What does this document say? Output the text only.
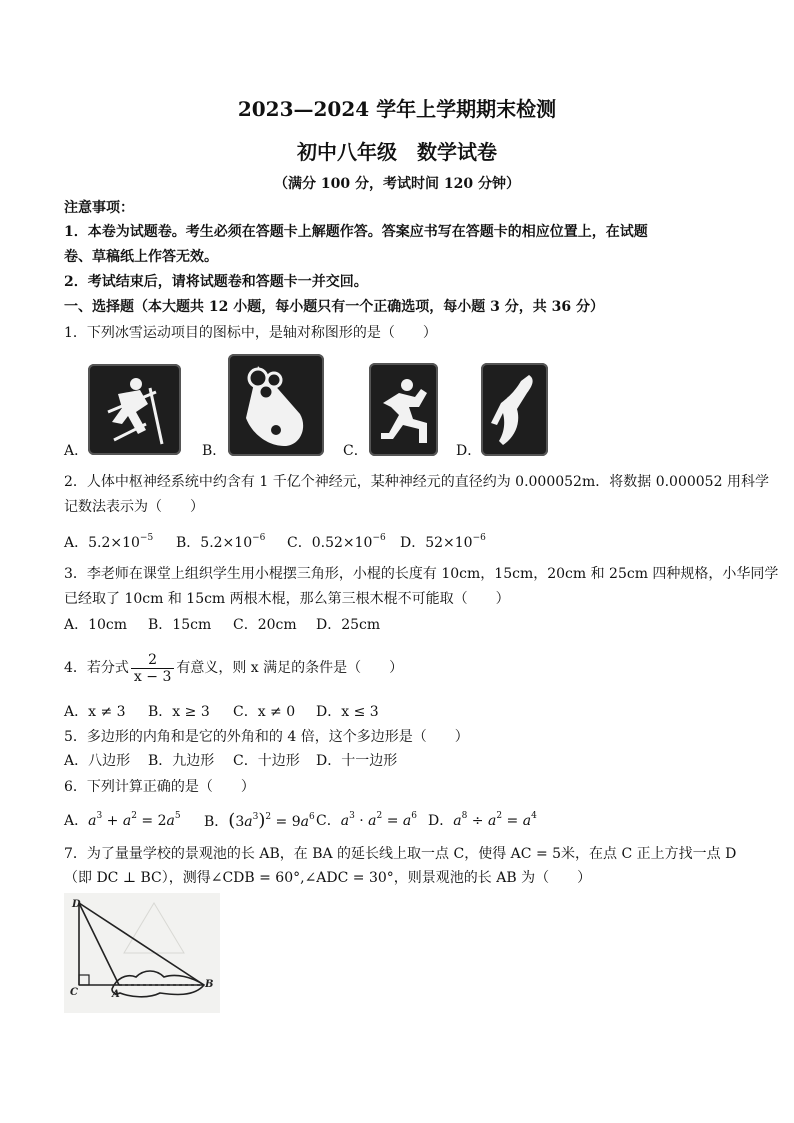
2023—2024 学年上学期期末检测
初中八年级　数学试卷
（满分 100 分，考试时间 120 分钟）
注意事项：
1．本卷为试题卷。考生必须在答题卡上解题作答。答案应书写在答题卡的相应位置上，在试题
卷、草稿纸上作答无效。
2．考试结束后，请将试题卷和答题卡一并交回。
一、选择题（本大题共 12 小题，每小题只有一个正确选项，每小题 3 分，共 36 分）
1．下列冰雪运动项目的图标中，是轴对称图形的是（　　）
A．	B．	C．	D．
2．人体中枢神经系统中约含有 1 千亿个神经元，某种神经元的直径约为 0.000052m．将数据 0.000052 用科学
记数法表示为（　　）
A．$5.2\times 10^{-5}$ B．$5.2\times 10^{-6}$ C．$0.52\times 10^{-6}$ D．$52\times 10^{-6}$
3．李老师在课堂上组织学生用小棍摆三角形，小棍的长度有 10cm，15cm，20cm 和 25cm 四种规格，小华同学
已经取了 10cm 和 15cm 两根木棍，那么第三根木棍不可能取（　　）
A．10cm B．15cm C．20cm D．25cm
4．若分式 $\frac{2}{x - 3}$ 有意义，则 x 满足的条件是（　　）
A．x ≠ 3 B．x ≥ 3 C．x ≠ 0 D．x ≤ 3
5．多边形的内角和是它的外角和的 4 倍，这个多边形是（　　）
A．八边形 B．九边形 C．十边形 D．十一边形
6．下列计算正确的是（　　）
A．$a^3 + a^2 = 2a^5$ B．$(3a^3)^2 = 9a^6$ C．$a^3 \cdot a^2 = a^6$ D．$a^8 \div a^2 = a^4$
7．为了量量学校的景观池的长 AB，在 BA 的延长线上取一点 C，使得 AC = 5米，在点 C 正上方找一点 D
（即 DC ⊥ BC），测得∠CDB = 60°,∠ADC = 30°，则景观池的长 AB 为（　　）
D
C	A
B
